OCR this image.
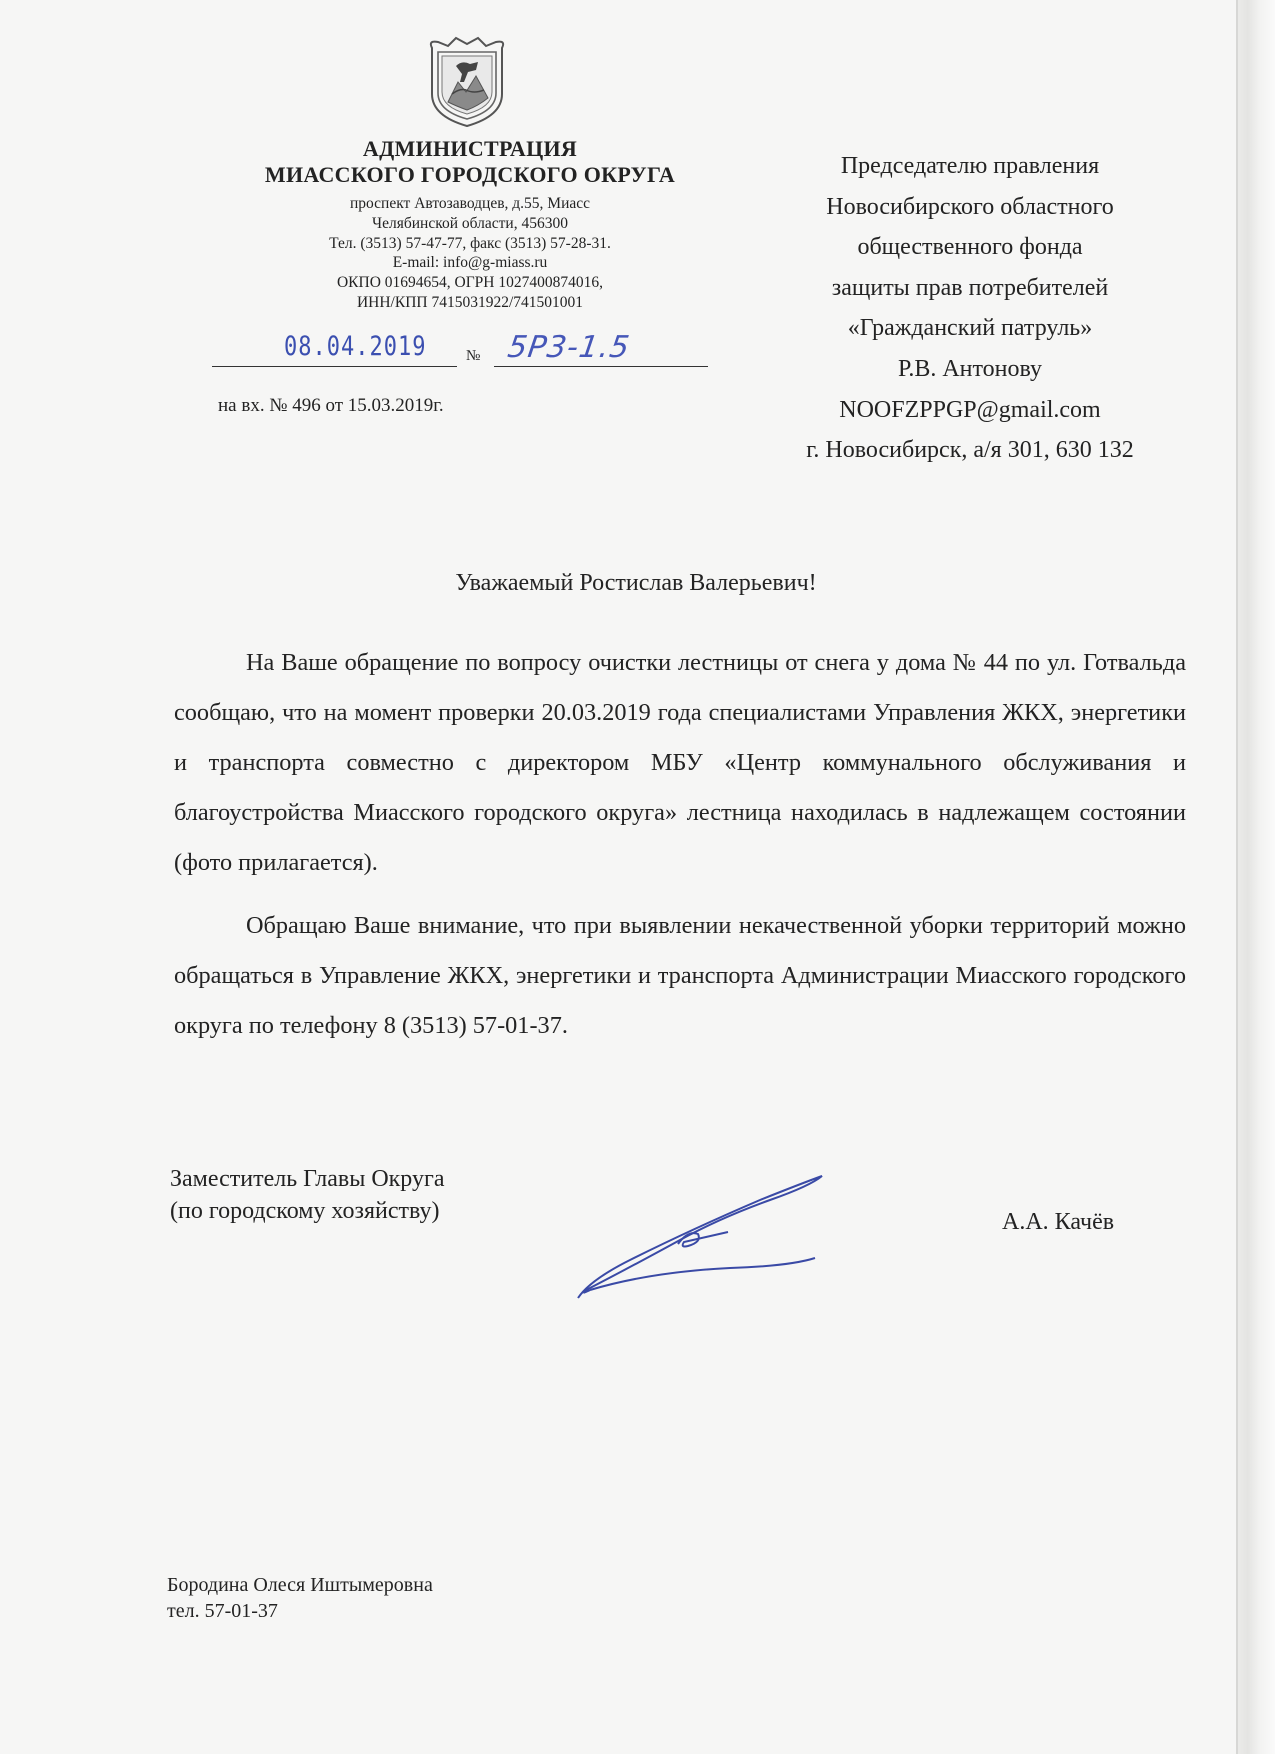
АДМИНИСТРАЦИЯ
МИАССКОГО ГОРОДСКОГО ОКРУГА
проспект Автозаводцев, д.55, Миасс
Челябинской области, 456300
Тел. (3513) 57-47-77, факс (3513) 57-28-31.
E-mail: info@g-miass.ru
ОКПО 01694654, ОГРН 1027400874016,
ИНН/КПП 7415031922/741501001
08.04.2019	№ 5Р3-1.5
на вх. № 496 от 15.03.2019г.
Председателю правления
Новосибирского областного
общественного фонда
защиты прав потребителей
«Гражданский патруль»
Р.В. Антонову
NOOFZPPGP@gmail.com
г. Новосибирск, а/я 301, 630 132
Уважаемый Ростислав Валерьевич!

На Ваше обращение по вопросу очистки лестницы от снега у дома № 44 по ул. Готвальда сообщаю, что на момент проверки 20.03.2019 года специалистами Управления ЖКХ, энергетики и транспорта совместно с директором МБУ «Центр коммунального обслуживания и благоустройства Миасского городского округа» лестница находилась в надлежащем состоянии (фото прилагается).

Обращаю Ваше внимание, что при выявлении некачественной уборки территорий можно обращаться в Управление ЖКХ, энергетики и транспорта Администрации Миасского городского округа по телефону 8 (3513) 57-01-37.

Заместитель Главы Округа
(по городскому хозяйству)	А.А. Качёв
Бородина Олеся Иштымеровна
тел. 57-01-37
